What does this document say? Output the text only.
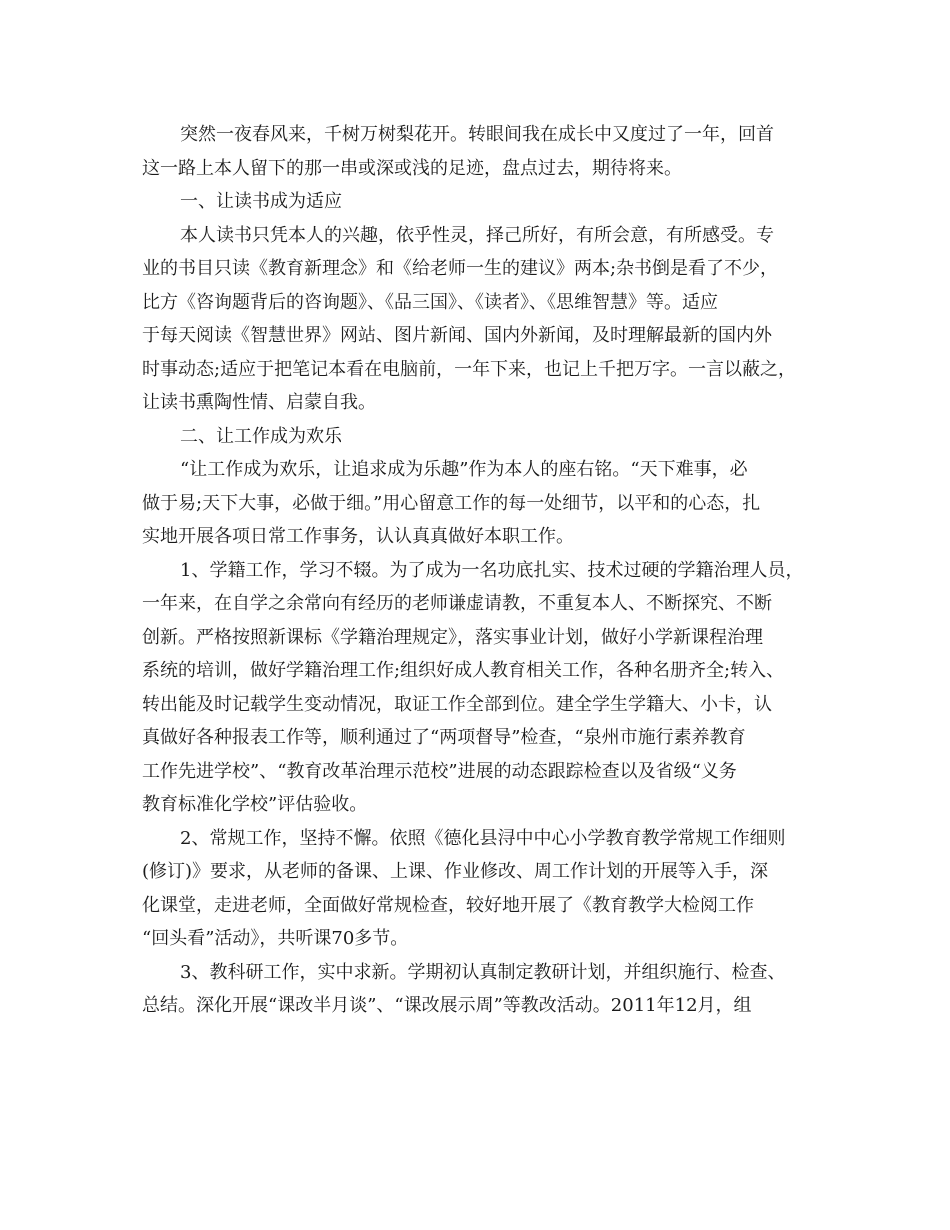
突然一夜春风来，千树万树梨花开。转眼间我在成长中又度过了一年，回首
这一路上本人留下的那一串或深或浅的足迹，盘点过去，期待将来。
一、让读书成为适应
本人读书只凭本人的兴趣，依乎性灵，择己所好，有所会意，有所感受。专
业的书目只读《教育新理念》和《给老师一生的建议》两本;杂书倒是看了不少，
比方《咨询题背后的咨询题》、《品三国》、《读者》、《思维智慧》等。适应
于每天阅读《智慧世界》网站、图片新闻、国内外新闻，及时理解最新的国内外
时事动态;适应于把笔记本看在电脑前，一年下来，也记上千把万字。一言以蔽之，
让读书熏陶性情、启蒙自我。
二、让工作成为欢乐
“让工作成为欢乐，让追求成为乐趣”作为本人的座右铭。“天下难事，必
做于易;天下大事，必做于细。”用心留意工作的每一处细节，以平和的心态，扎
实地开展各项日常工作事务，认认真真做好本职工作。
1、学籍工作，学习不辍。为了成为一名功底扎实、技术过硬的学籍治理人员，
一年来，在自学之余常向有经历的老师谦虚请教，不重复本人、不断探究、不断
创新。严格按照新课标《学籍治理规定》，落实事业计划，做好小学新课程治理
系统的培训，做好学籍治理工作;组织好成人教育相关工作，各种名册齐全;转入、
转出能及时记载学生变动情况，取证工作全部到位。建全学生学籍大、小卡，认
真做好各种报表工作等，顺利通过了“两项督导”检查，“泉州市施行素养教育
工作先进学校”、“教育改革治理示范校”进展的动态跟踪检查以及省级“义务
教育标准化学校”评估验收。
2、常规工作，坚持不懈。依照《德化县浔中中心小学教育教学常规工作细则
(修订)》要求，从老师的备课、上课、作业修改、周工作计划的开展等入手，深
化课堂，走进老师，全面做好常规检查，较好地开展了《教育教学大检阅工作
“回头看”活动》，共听课70多节。
3、教科研工作，实中求新。学期初认真制定教研计划，并组织施行、检查、
总结。深化开展“课改半月谈”、“课改展示周”等教改活动。2011年12月，组
